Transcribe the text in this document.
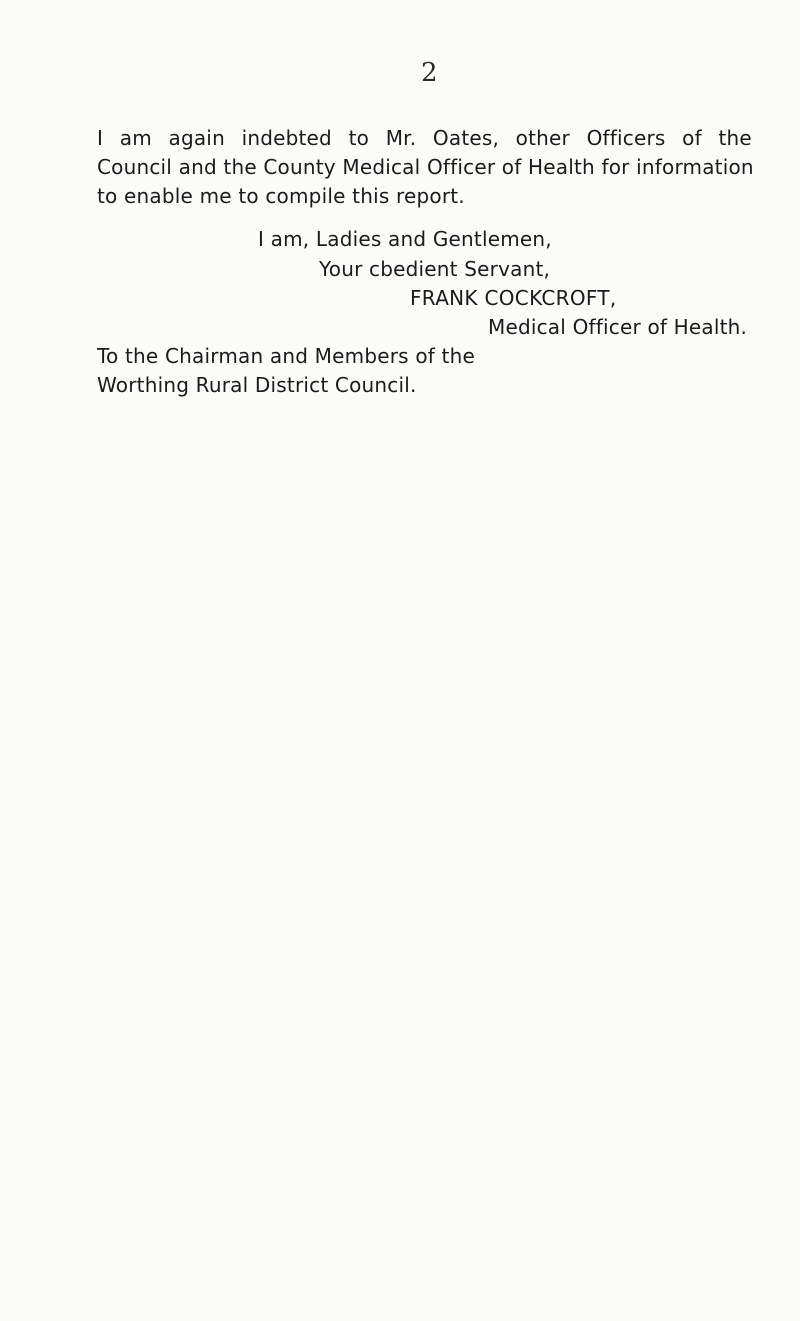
2
I am again indebted to Mr. Oates, other Officers of the
Council and the County Medical Officer of Health for information
to enable me to compile this report.
I am, Ladies and Gentlemen,
Your cbedient Servant,
FRANK COCKCROFT,
Medical Officer of Health.
To the Chairman and Members of the
Worthing Rural District Council.
